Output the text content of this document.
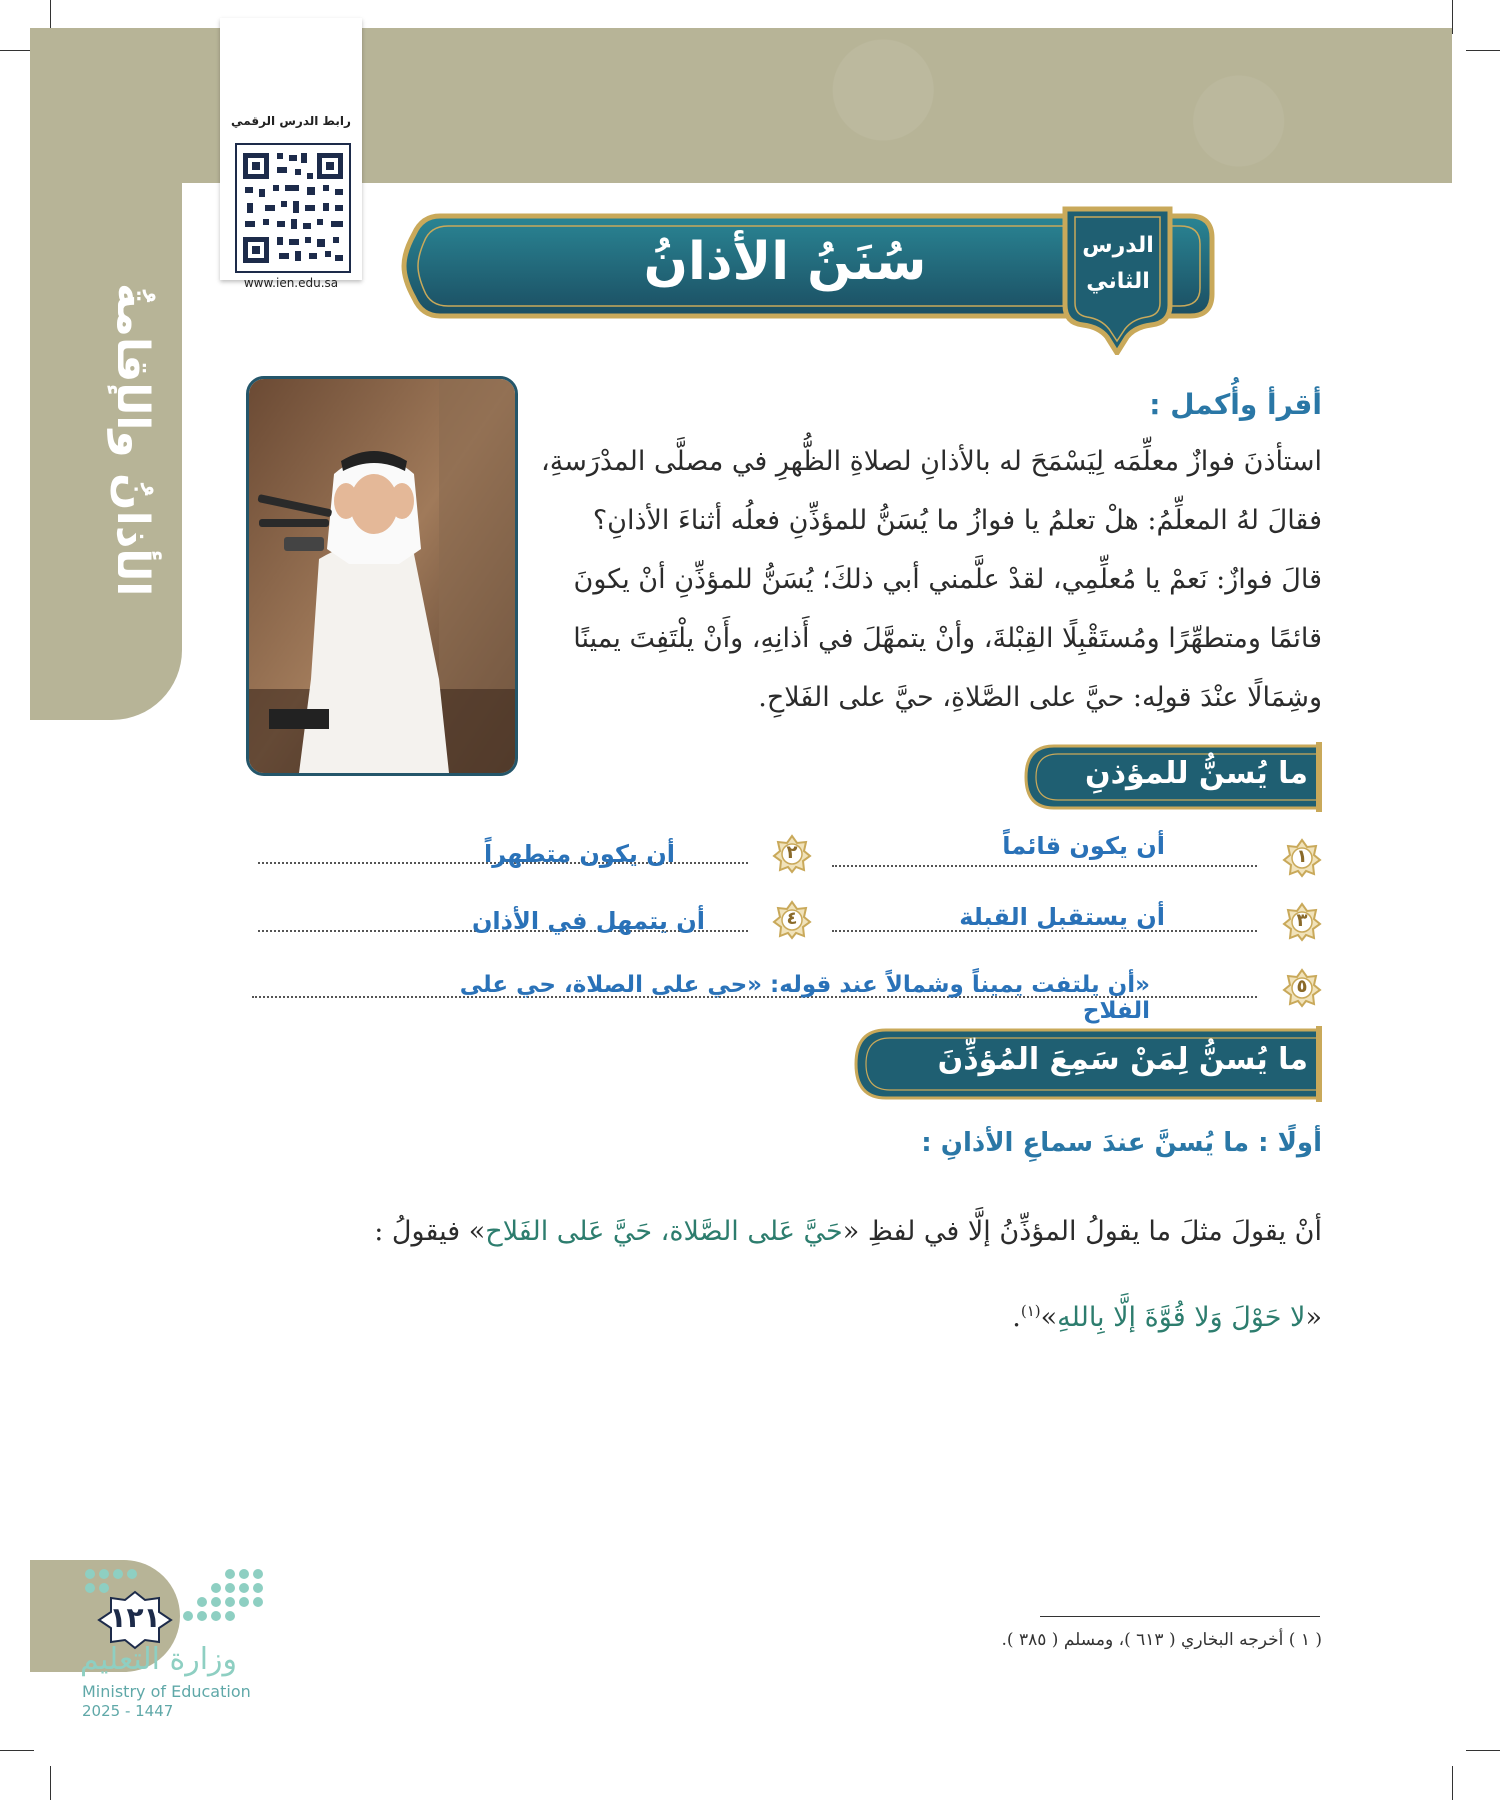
الأذانُ والإقامةُ
رابط الدرس الرقمي
www.ien.edu.sa
الدرس
الثاني
سُنَنُ الأذانُ
أقرأ وأُكمل :
استأذنَ فوازٌ معلِّمَه لِيَسْمَحَ له بالأذانِ لصلاةِ الظُّهرِ في مصلَّى المدْرَسةِ،
فقالَ لهُ المعلِّمُ: هلْ تعلمُ يا فوازُ ما يُسَنُّ للمؤذِّنِ فعلُه أثناءَ الأذانِ؟
قالَ فوازٌ: نَعمْ يا مُعلِّمِي، لقدْ علَّمني أبي ذلكَ؛ يُسَنُّ للمؤذِّنِ أنْ يكونَ
قائمًا ومتطهِّرًا ومُستَقْبِلًا القِبْلةَ، وأنْ يتمهَّلَ في أَذانِهِ، وأَنْ يلْتَفِتَ يمينًا
وشِمَالًا عنْدَ قولِه: حيَّ على الصَّلاةِ، حيَّ على الفَلاحِ.
ما يُسنُّ للمؤذنِ
١
أن يكون قائماً
٢
أن يكون متطهراً
٣
أن يستقبل القبلة
٤
أن يتمهل في الأذان
٥
«أن يلتفت يميناً وشمالاً عند قوله: «حي على الصلاة، حي على الفلاح
ما يُسنُّ لِمَنْ سَمِعَ المُؤذِّنَ
أولًا : ما يُسنَّ عندَ سماعِ الأذانِ :
أنْ يقولَ مثلَ ما يقولُ المؤذِّنُ إلَّا في لفظِ «حَيَّ عَلى الصَّلاة، حَيَّ عَلى الفَلاح» فيقولُ :
«لا حَوْلَ وَلا قُوَّةَ إلَّا بِاللهِ»$^{(١)}$.
( ١ ) أخرجه البخاري ( ٦١٣ )، ومسلم ( ٣٨٥ ).
١٢١
وزارة التعليم
Ministry of Education
2025 - 1447
